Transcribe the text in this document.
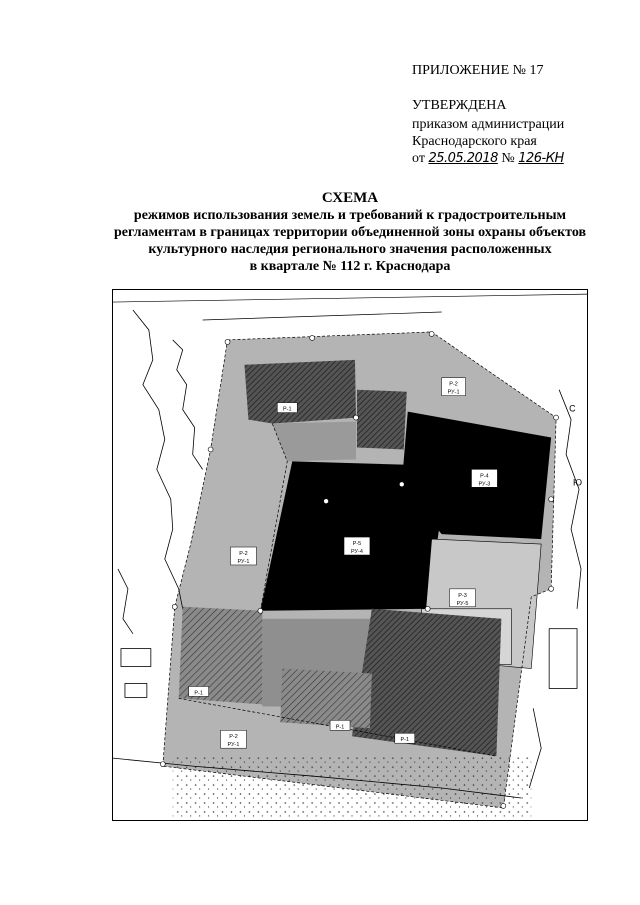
ПРИЛОЖЕНИЕ № 17
УТВЕРЖДЕНА
приказом администрации
Краснодарского края
от 25.05.2018 № 126-КН
СХЕМА
режимов использования земель и требований к градостроительным
регламентам в границах территории объединенной зоны охраны объектов
культурного наследия регионального значения расположенных
в квартале № 112 г. Краснодара
Р-2
РУ-1
Р-1
Р-4
РУ-3
Р-5
РУ-4
Р-2
РУ-1
Р-3
РУ-5
Р-1
Р-1
Р-1
Р-2
РУ-1
С
Ю
